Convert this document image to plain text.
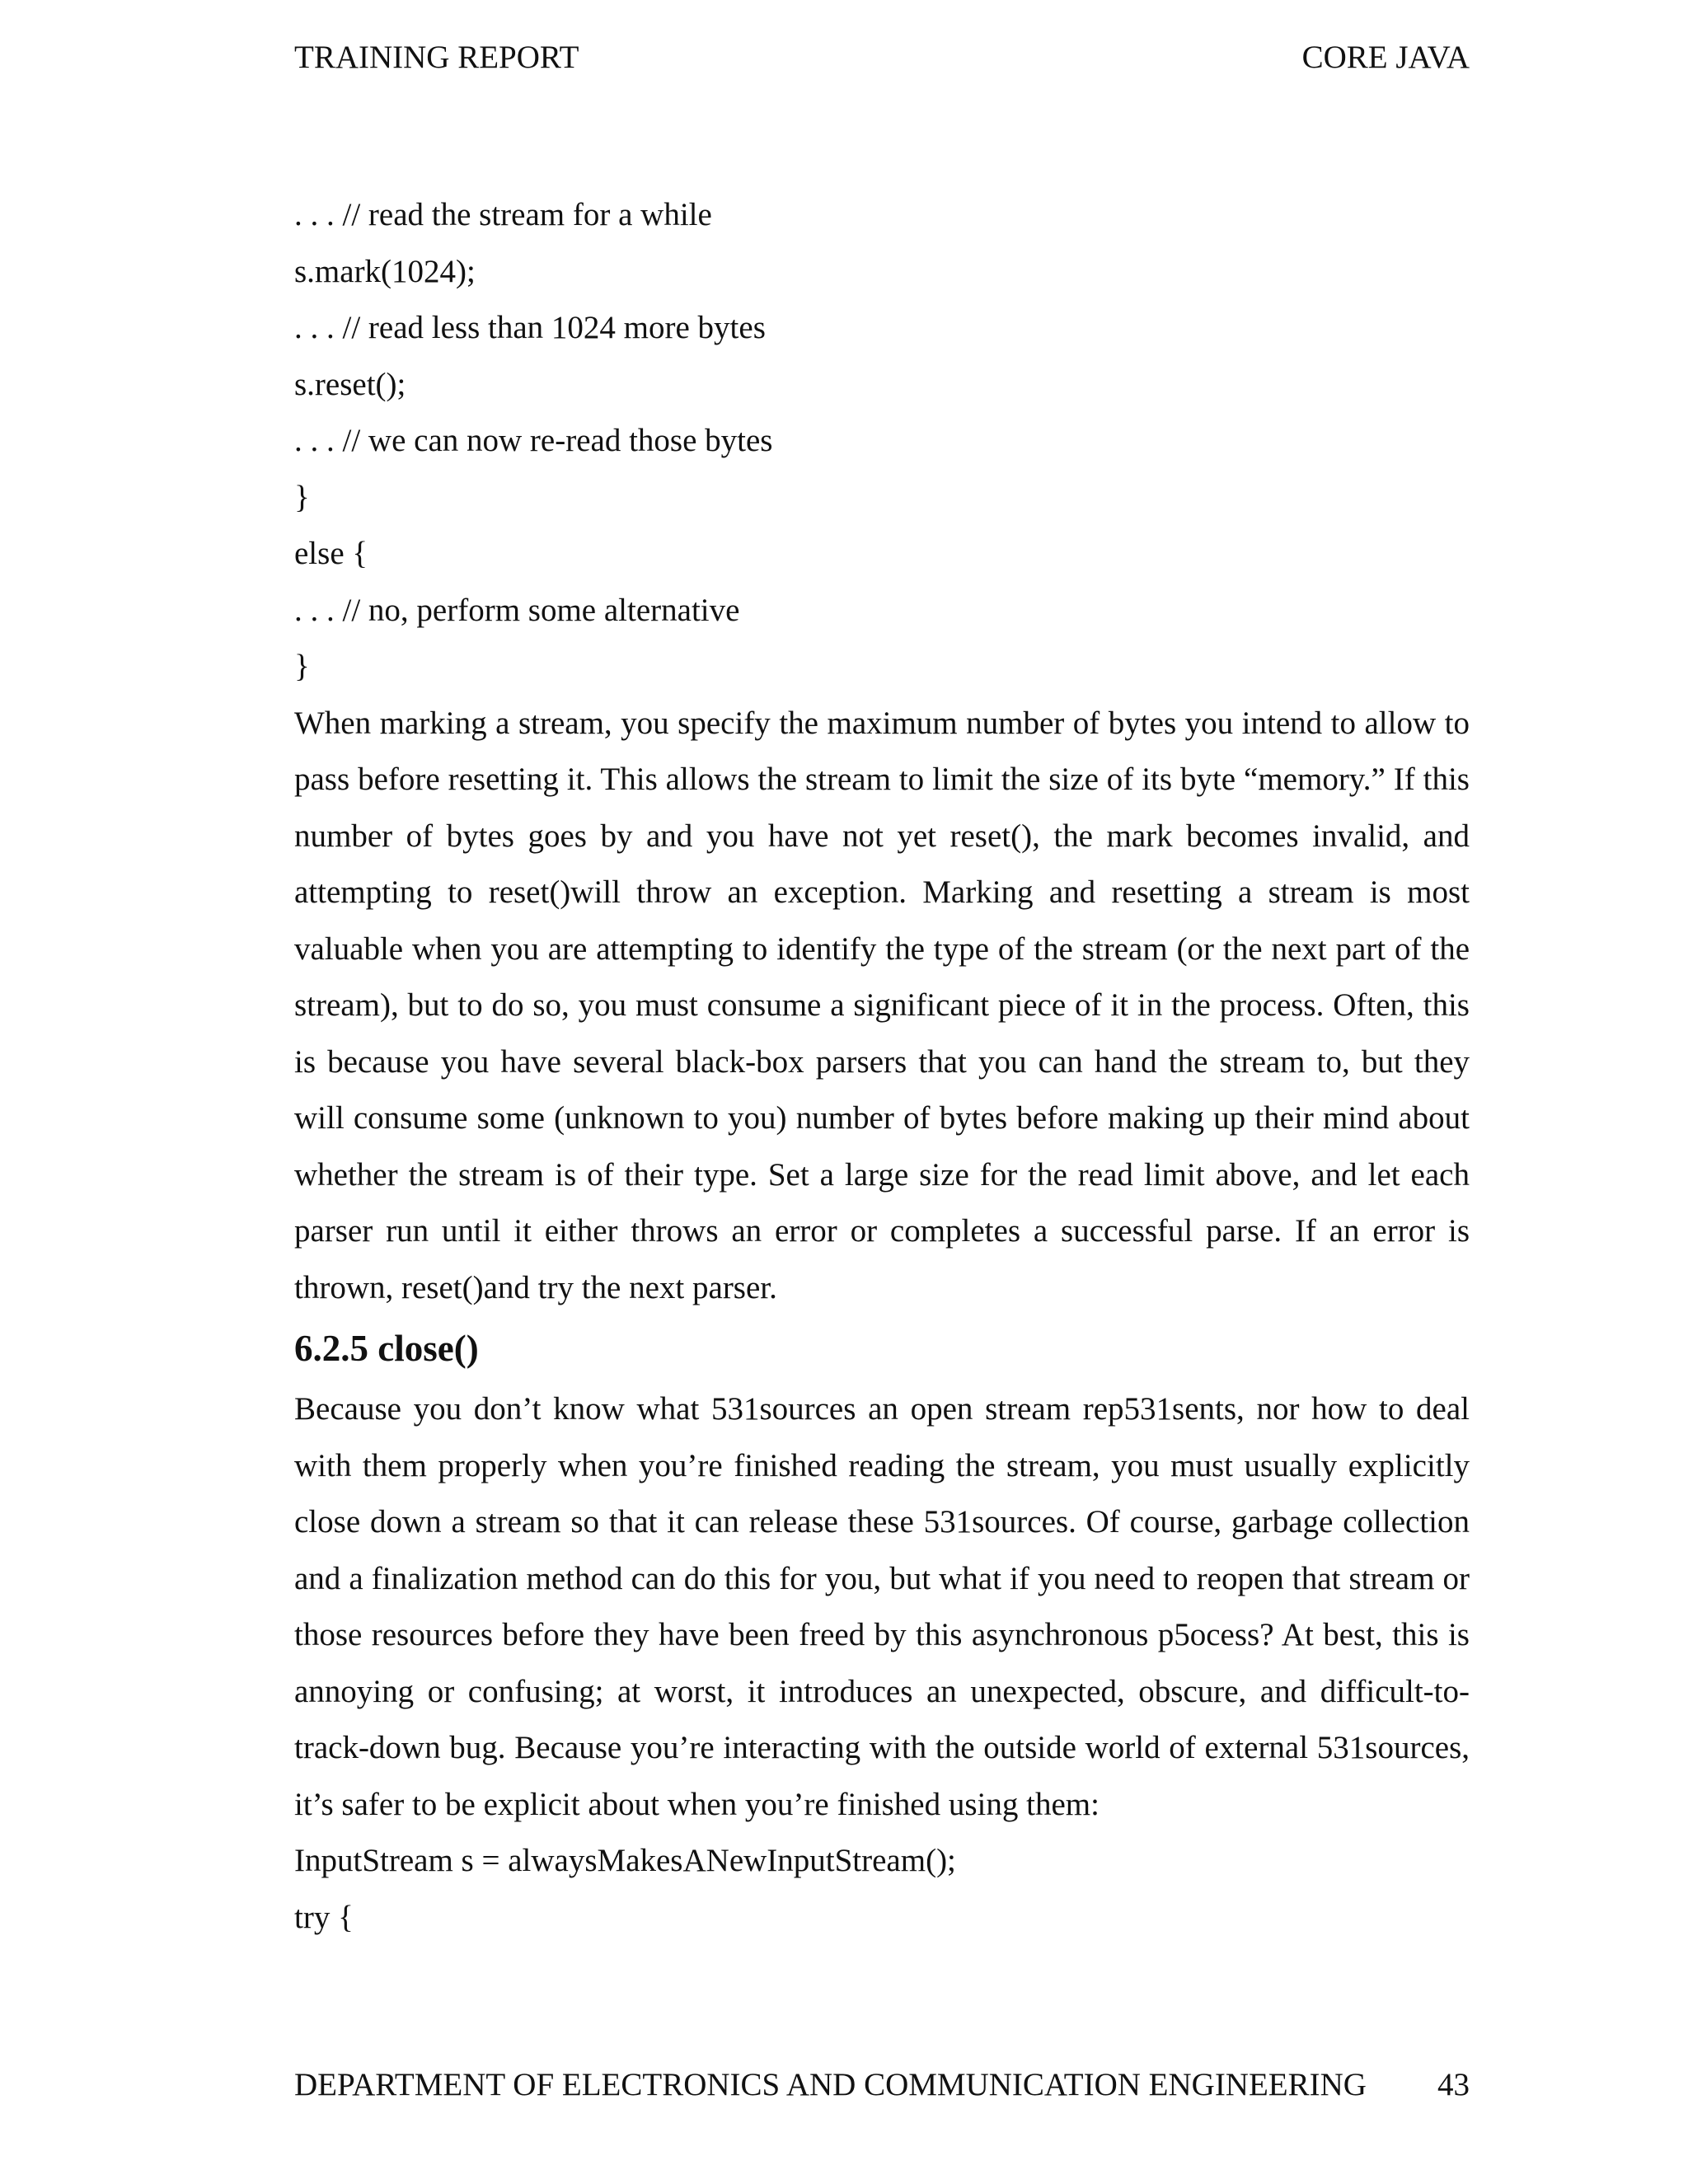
TRAINING REPORT	CORE JAVA
. . . // read the stream for a while
s.mark(1024);
. . . // read less than 1024 more bytes
s.reset();
. . . // we can now re-read those bytes
}
else {
. . . // no, perform some alternative
}

When marking a stream, you specify the maximum number of bytes you intend to allow to pass before resetting it. This allows the stream to limit the size of its byte “memory.” If this number of bytes goes by and you have not yet reset(), the mark becomes invalid, and attempting to reset()will throw an exception. Marking and resetting a stream is most valuable when you are attempting to identify the type of the stream (or the next part of the stream), but to do so, you must consume a significant piece of it in the process. Often, this is because you have several black-box parsers that you can hand the stream to, but they will consume some (unknown to you) number of bytes before making up their mind about whether the stream is of their type. Set a large size for the read limit above, and let each parser run until it either throws an error or completes a successful parse. If an error is thrown, reset()and try the next parser.

6.2.5 close()

Because you don’t know what 531sources an open stream rep531sents, nor how to deal with them properly when you’re finished reading the stream, you must usually explicitly close down a stream so that it can release these 531sources. Of course, garbage collection and a finalization method can do this for you, but what if you need to reopen that stream or those resources before they have been freed by this asynchronous p5ocess? At best, this is annoying or confusing; at worst, it introduces an unexpected, obscure, and difficult-to-track-down bug. Because you’re interacting with the outside world of external 531sources, it’s safer to be explicit about when you’re finished using them:

InputStream s = alwaysMakesANewInputStream();
try {
DEPARTMENT OF ELECTRONICS AND COMMUNICATION ENGINEERING 43
